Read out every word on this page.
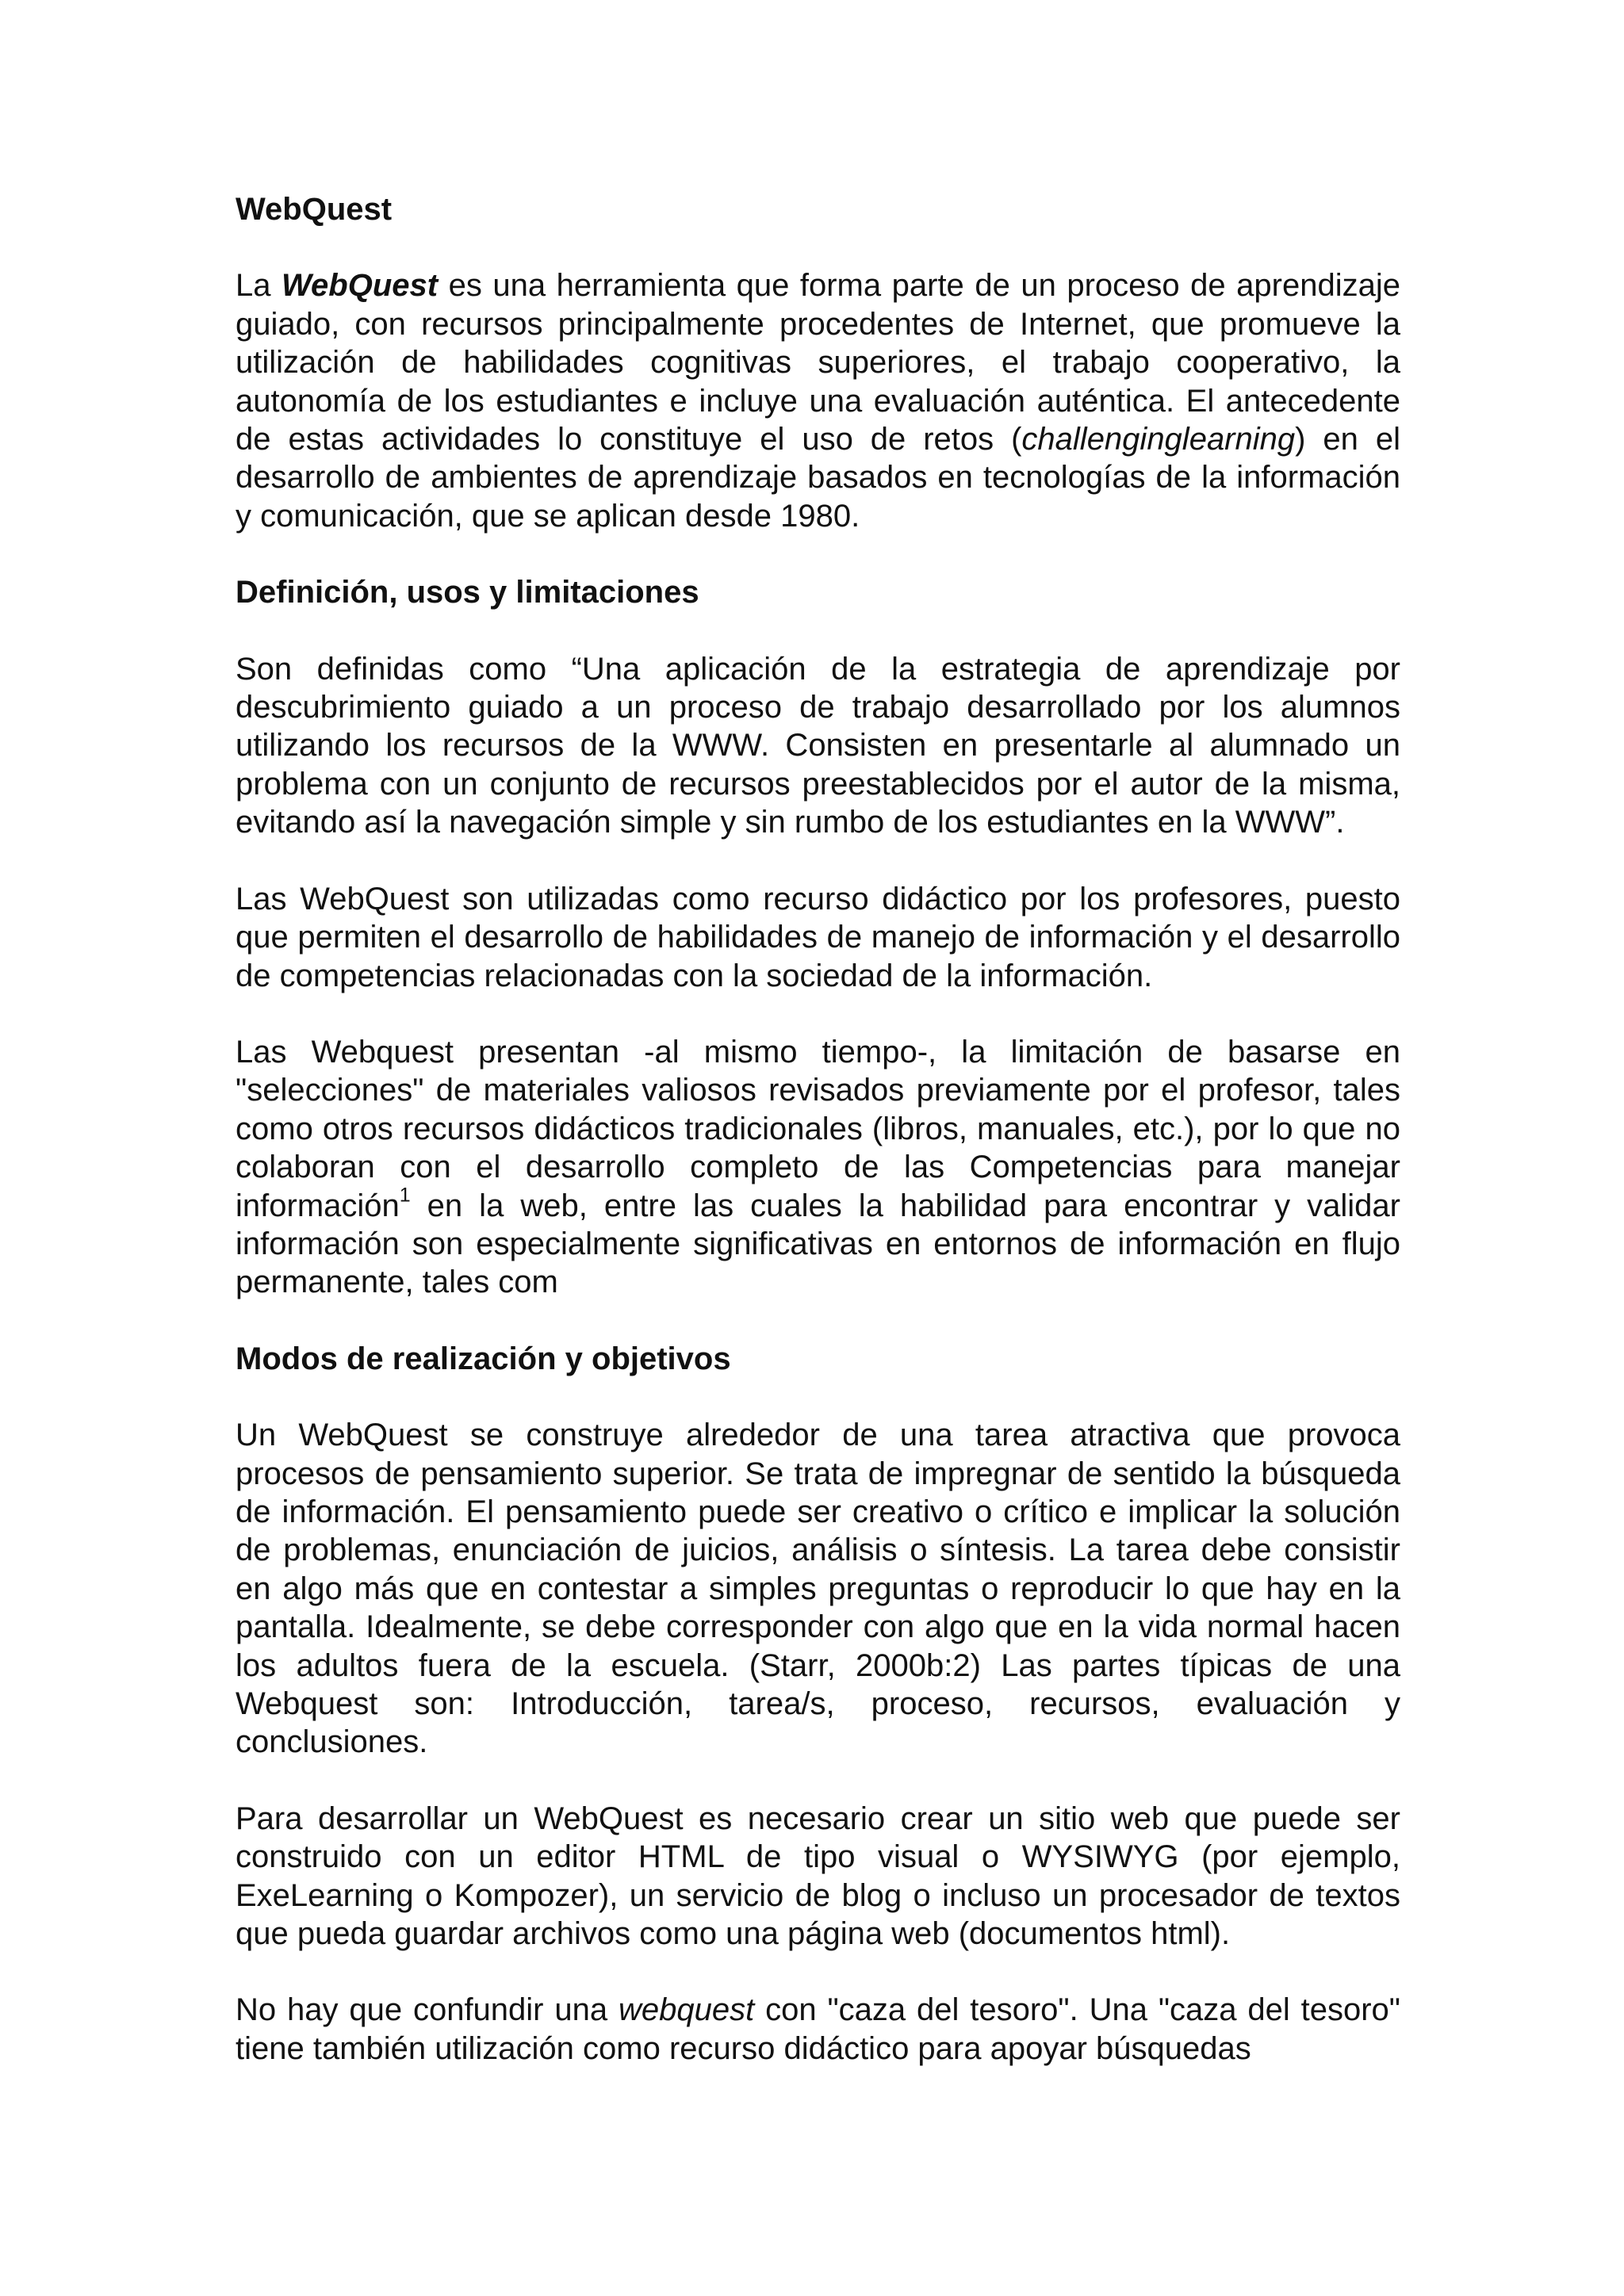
WebQuest

La WebQuest es una herramienta que forma parte de un proceso de aprendizaje guiado, con recursos principalmente procedentes de Internet, que promueve la utilización de habilidades cognitivas superiores, el trabajo cooperativo, la autonomía de los estudiantes e incluye una evaluación auténtica. El antecedente de estas actividades lo constituye el uso de retos (challenginglearning) en el desarrollo de ambientes de aprendizaje basados en tecnologías de la información y comunicación, que se aplican desde 1980.

Definición, usos y limitaciones

Son definidas como “Una aplicación de la estrategia de aprendizaje por descubrimiento guiado a un proceso de trabajo desarrollado por los alumnos utilizando los recursos de la WWW. Consisten en presentarle al alumnado un problema con un conjunto de recursos preestablecidos por el autor de la misma, evitando así la navegación simple y sin rumbo de los estudiantes en la WWW”.

Las WebQuest son utilizadas como recurso didáctico por los profesores, puesto que permiten el desarrollo de habilidades de manejo de información y el desarrollo de competencias relacionadas con la sociedad de la información.

Las Webquest presentan -al mismo tiempo-, la limitación de basarse en "selecciones" de materiales valiosos revisados previamente por el profesor, tales como otros recursos didácticos tradicionales (libros, manuales, etc.), por lo que no colaboran con el desarrollo completo de las Competencias para manejar información$^1$ en la web, entre las cuales la habilidad para encontrar y validar información son especialmente significativas en entornos de información en flujo permanente, tales com

Modos de realización y objetivos

Un WebQuest se construye alrededor de una tarea atractiva que provoca procesos de pensamiento superior. Se trata de impregnar de sentido la búsqueda de información. El pensamiento puede ser creativo o crítico e implicar la solución de problemas, enunciación de juicios, análisis o síntesis. La tarea debe consistir en algo más que en contestar a simples preguntas o reproducir lo que hay en la pantalla. Idealmente, se debe corresponder con algo que en la vida normal hacen los adultos fuera de la escuela. (Starr, 2000b:2) Las partes típicas de una Webquest son: Introducción, tarea/s, proceso, recursos, evaluación y conclusiones.

Para desarrollar un WebQuest es necesario crear un sitio web que puede ser construido con un editor HTML de tipo visual o WYSIWYG (por ejemplo, ExeLearning o Kompozer), un servicio de blog o incluso un procesador de textos que pueda guardar archivos como una página web (documentos html).

No hay que confundir una webquest con "caza del tesoro". Una "caza del tesoro" tiene también utilización como recurso didáctico para apoyar búsquedas
